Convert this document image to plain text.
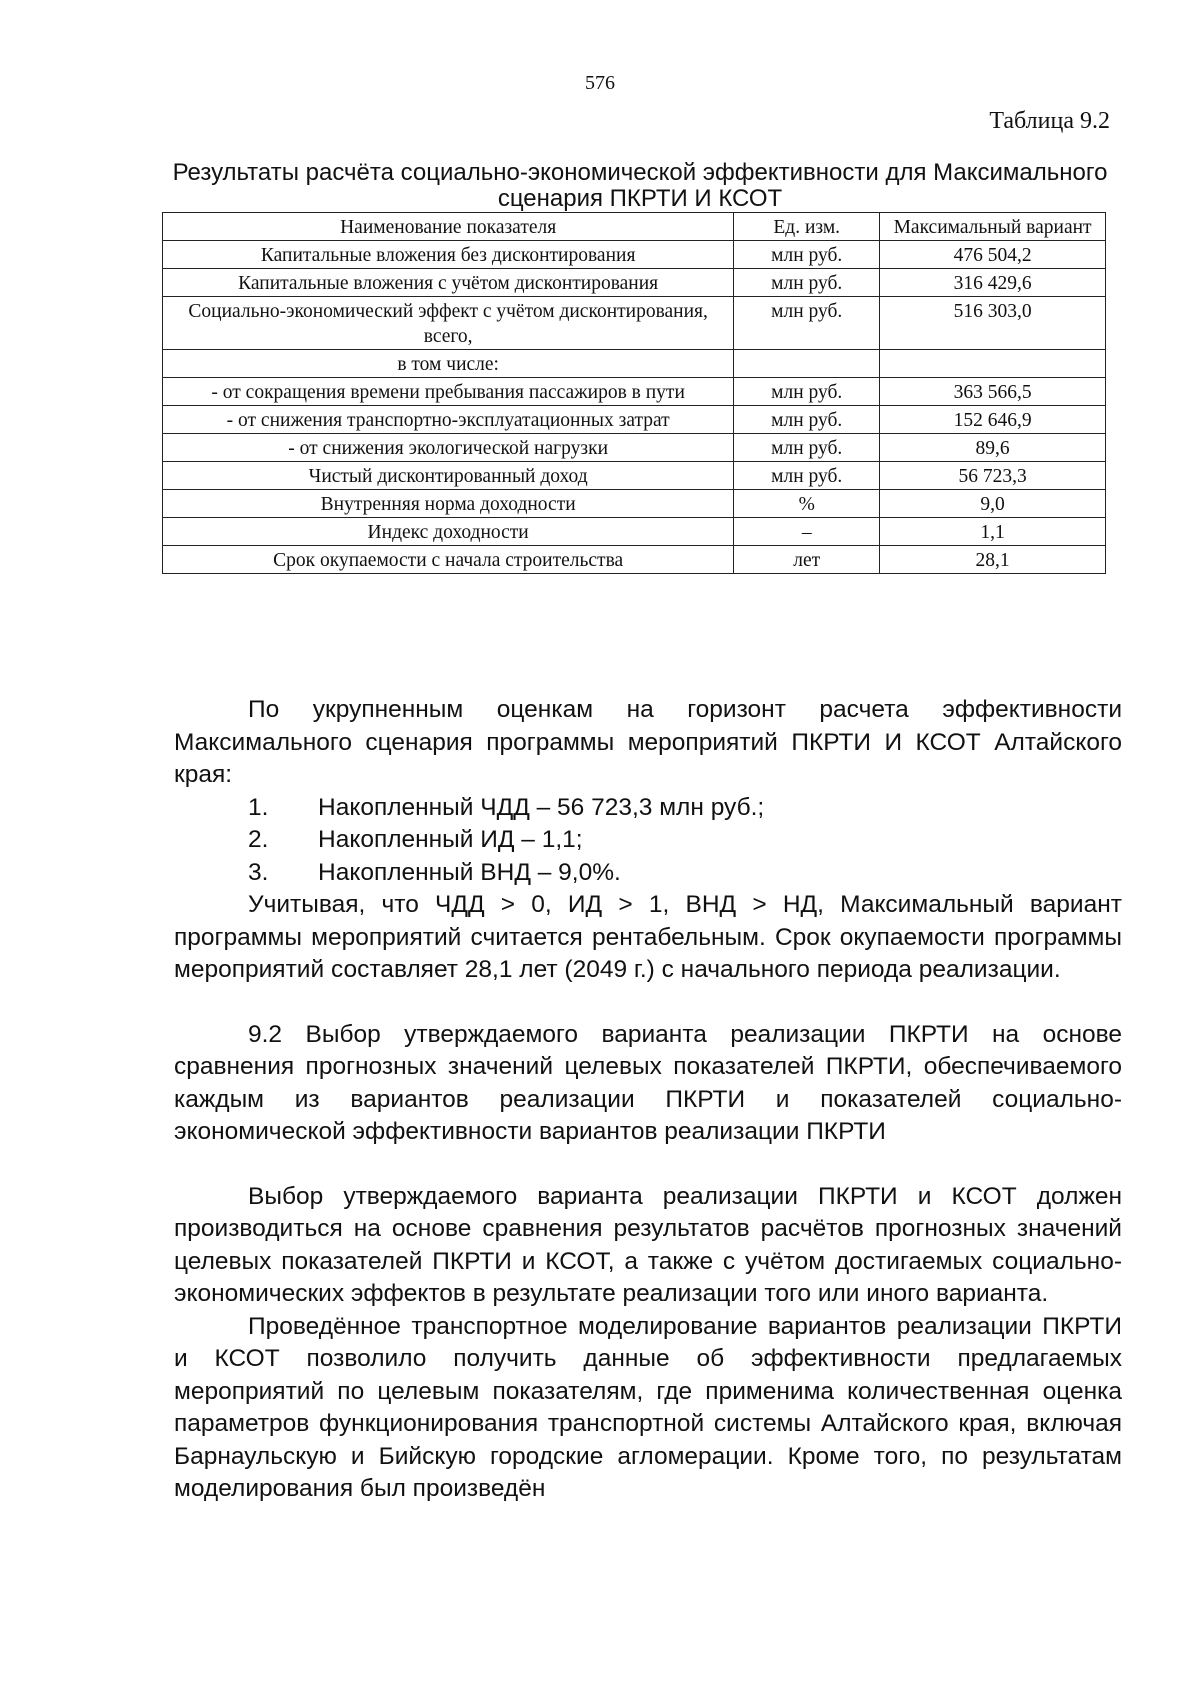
576
Таблица 9.2
Результаты расчёта социально-экономической эффективности для Максимального сценария ПКРТИ И КСОТ
Наименование показателя	Ед. изм.	Максимальный вариант
Капитальные вложения без дисконтирования	млн руб.	476 504,2
Капитальные вложения с учётом дисконтирования	млн руб.	316 429,6
Социально-экономический эффект с учётом дисконтирования, всего,	млн руб.	516 303,0
в том числе:		
- от сокращения времени пребывания пассажиров в пути	млн руб.	363 566,5
- от снижения транспортно-эксплуатационных затрат	млн руб.	152 646,9
- от снижения экологической нагрузки	млн руб.	89,6
Чистый дисконтированный доход	млн руб.	56 723,3
Внутренняя норма доходности	%	9,0
Индекс доходности	–	1,1
Срок окупаемости с начала строительства	лет	28,1

По укрупненным оценкам на горизонт расчета эффективности Максимального сценария программы мероприятий ПКРТИ И КСОТ Алтайского края:

1.	Накопленный ЧДД – 56 723,3 млн руб.;
2.	Накопленный ИД – 1,1;
3.	Накопленный ВНД – 9,0%.

Учитывая, что ЧДД > 0, ИД > 1, ВНД > НД, Максимальный вариант программы мероприятий считается рентабельным. Срок окупаемости программы мероприятий составляет 28,1 лет (2049 г.) с начального периода реализации.

9.2 Выбор утверждаемого варианта реализации ПКРТИ на основе сравнения прогнозных значений целевых показателей ПКРТИ, обеспечиваемого каждым из вариантов реализации ПКРТИ и показателей социально-экономической эффективности вариантов реализации ПКРТИ

Выбор утверждаемого варианта реализации ПКРТИ и КСОТ должен производиться на основе сравнения результатов расчётов прогнозных значений целевых показателей ПКРТИ и КСОТ, а также с учётом достигаемых социально-экономических эффектов в результате реализации того или иного варианта.

Проведённое транспортное моделирование вариантов реализации ПКРТИ и КСОТ позволило получить данные об эффективности предлагаемых мероприятий по целевым показателям, где применима количественная оценка параметров функционирования транспортной системы Алтайского края, включая Барнаульскую и Бийскую городские агломерации. Кроме того, по результатам моделирования был произведён
